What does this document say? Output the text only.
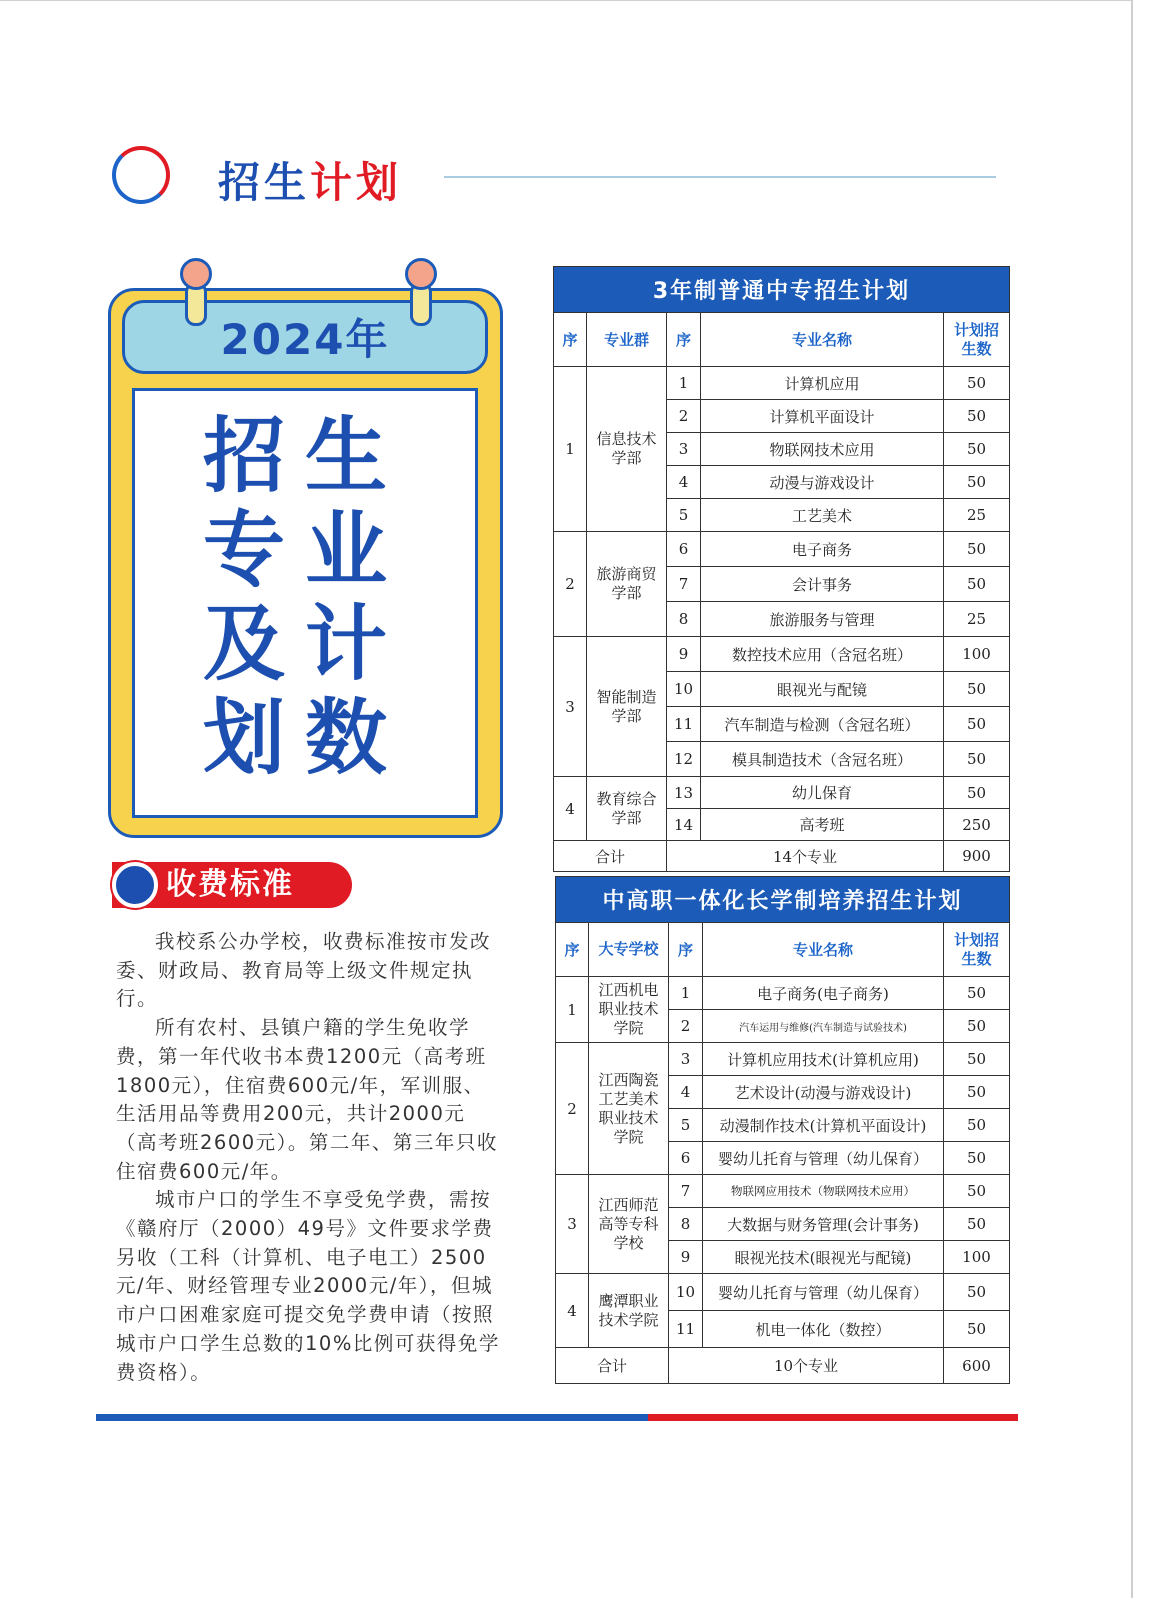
招生计划
2024年
招生
专业
及计
划数
收费标准

我校系公办学校，收费标准按市发改委、财政局、教育局等上级文件规定执行。

所有农村、县镇户籍的学生免收学费，第一年代收书本费1200元（高考班1800元），住宿费600元/年，军训服、生活用品等费用200元，共计2000元（高考班2600元）。第二年、第三年只收住宿费600元/年。

城市户口的学生不享受免学费，需按《赣府厅（2000）49号》文件要求学费另收（工科（计算机、电子电工）2500元/年、财经管理专业2000元/年），但城市户口困难家庭可提交免学费申请（按照城市户口学生总数的10%比例可获得免学费资格）。

3年制普通中专招生计划				
序	专业群	序	专业名称	计划招生数
1	信息技术学部	1	计算机应用	50
		2	计算机平面设计	50
		3	物联网技术应用	50
		4	动漫与游戏设计	50
		5	工艺美术	25
2	旅游商贸学部	6	电子商务	50
		7	会计事务	50
		8	旅游服务与管理	25
3	智能制造学部	9	数控技术应用（含冠名班）	100
		10	眼视光与配镜	50
		11	汽车制造与检测（含冠名班）	50
		12	模具制造技术（含冠名班）	50
4	教育综合学部	13	幼儿保育	50
		14	高考班	250
合计		14个专业		900
中高职一体化长学制培养招生计划				
序	大专学校	序	专业名称	计划招生数
1	江西机电职业技术学院	1	电子商务(电子商务)	50
		2	汽车运用与维修(汽车制造与试验技术)	50
2	江西陶瓷工艺美术职业技术学院	3	计算机应用技术(计算机应用)	50
		4	艺术设计(动漫与游戏设计)	50
		5	动漫制作技术(计算机平面设计)	50
		6	婴幼儿托育与管理（幼儿保育）	50
3	江西师范高等专科学校	7	物联网应用技术（物联网技术应用）	50
		8	大数据与财务管理(会计事务)	50
		9	眼视光技术(眼视光与配镜)	100
4	鹰潭职业技术学院	10	婴幼儿托育与管理（幼儿保育）	50
		11	机电一体化（数控）	50
合计		10个专业		600
